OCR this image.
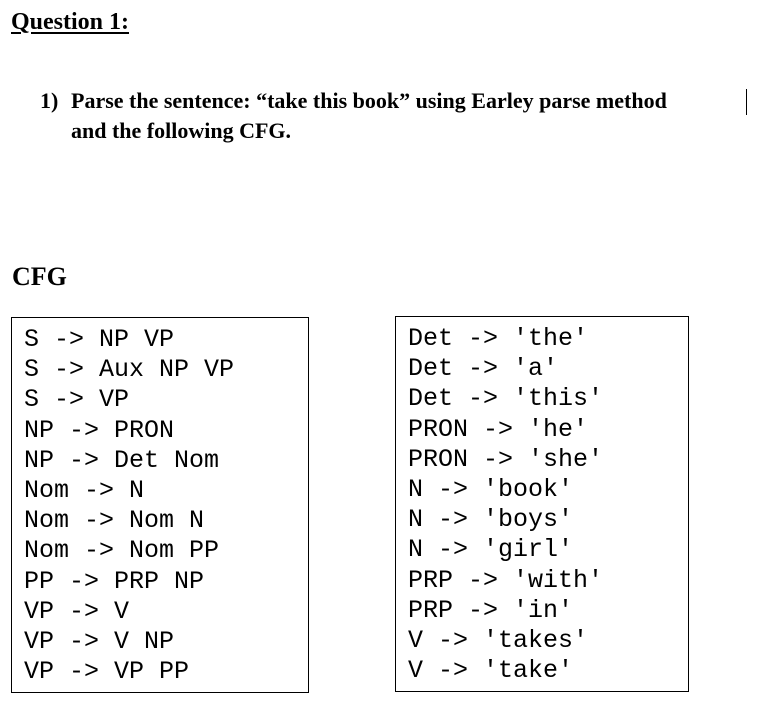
Question 1:
1) Parse the sentence: “take this book” using Earley parse method
and the following CFG.
CFG
S -> NP VP
S -> Aux NP VP
S -> VP
NP -> PRON
NP -> Det Nom
Nom -> N
Nom -> Nom N
Nom -> Nom PP
PP -> PRP NP
VP -> V
VP -> V NP
VP -> VP PP
Det -> 'the'
Det -> 'a'
Det -> 'this'
PRON -> 'he'
PRON -> 'she'
N -> 'book'
N -> 'boys'
N -> 'girl'
PRP -> 'with'
PRP -> 'in'
V -> 'takes'
V -> 'take'
